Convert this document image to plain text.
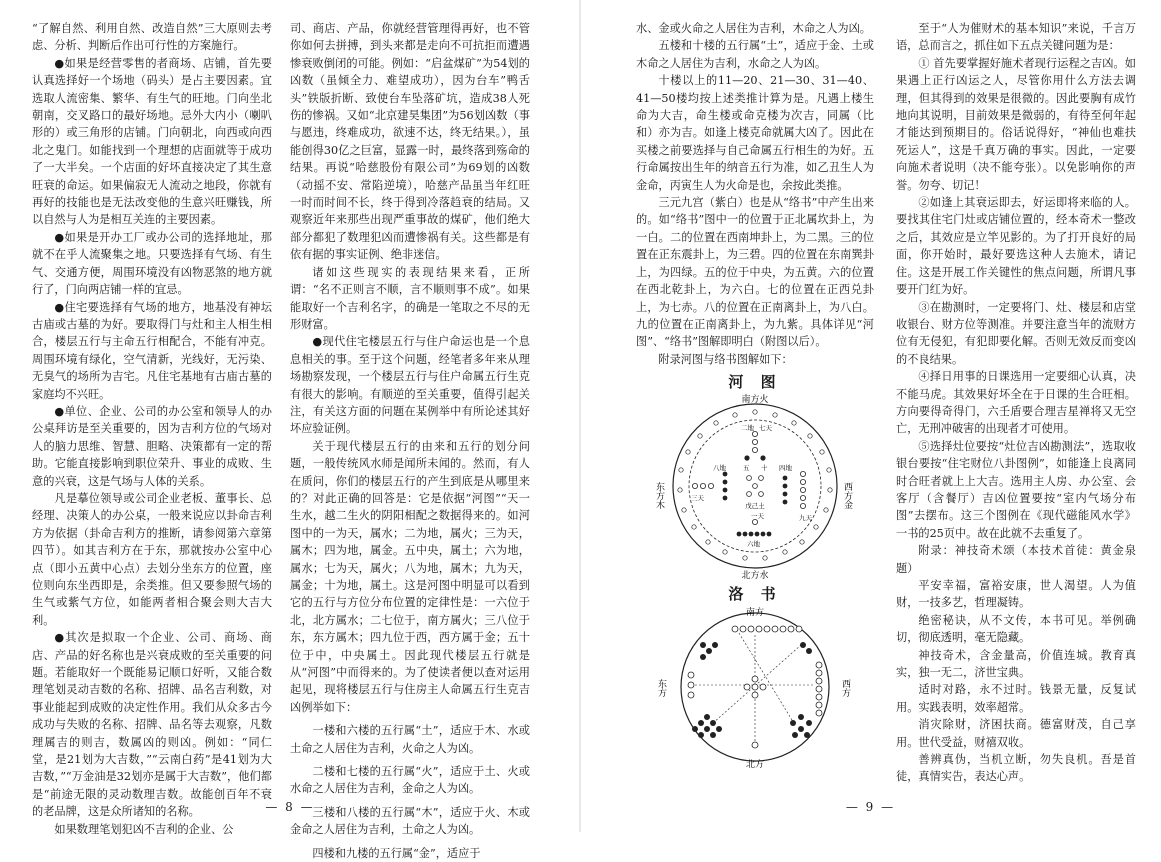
“了解自然、利用自然、改造自然”三大原则去考虑、分析、判断后作出可行性的方案施行。

●如果是经营零售的者商场、店铺，首先要认真选择好一个场地（码头）是占主要因素。宜选取人流密集、繁华、有生气的旺地。门向坐北朝南，交叉路口的最好场地。忌外大内小（喇叭形的）或三角形的店铺。门向朝北，向西或向西北之鬼门。如能找到一个理想的店面就等于成功了一大半矣。一个店面的好坏直接决定了其生意旺衰的命运。如果偏寂无人流动之地段，你就有再好的技能也是无法改变他的生意兴旺赚钱，所以自然与人为是相互关连的主要因素。

●如果是开办工厂或办公司的选择地址，那就不在乎人流聚集之地。只要选择有气场、有生气、交通方便，周围环境没有凶物恶煞的地方就行了，门向两店铺一样的宜忌。

●住宅要选择有气场的地方，地基没有神坛古庙或古墓的为好。要取得门与灶和主人相生相合，楼层五行与主命五行相配合，不能有冲克。周围环境有绿化，空气清新，光线好，无污染、无臭气的场所为吉宅。凡住宅基地有古庙古墓的家庭均不兴旺。

●单位、企业、公司的办公室和领导人的办公桌拜访是至关重要的，因为吉利方位的气场对人的脑力思维、智慧、胆略、决策都有一定的帮助。它能直接影响到职位荣升、事业的成败、生意的兴衰，这是气场与人体的关系。

凡是摹位领导或公司企业老板、董事长、总经理、决策人的办公桌，一般来说应以卦命吉利方为依据（卦命吉利方的推断，请参阅第六章第四节）。如其吉利方在于东，那就按办公室中心点（即小五黄中心点）去划分坐东方的位置，座位则向东坐西即是，余类推。但又要参照气场的生气或紫气方位，如能两者相合聚会则大吉大利。

●其次是拟取一个企业、公司、商场、商店、产品的好名称也是兴衰成败的至关重要的问题。若能取好一个既能易记顺口好听，又能合数理笔划灵动吉数的名称、招牌、品名吉利数，对事业能起到成败的决定性作用。我们从众多古今成功与失败的名称、招牌、品名等去观察，凡数理属吉的则吉，数属凶的则凶。例如：“同仁堂，是21划为大吉数，”“云南白药”是41划为大吉数，”“万金油是32划亦是属于大吉数”，他们都是“前途无限的灵动数理吉数。故能创百年不衰的老品牌，这是众所诸知的名称。

如果数理笔划犯凶不吉利的企业、公

司、商店、产品，你就经营管理得再好，也不管你如何去拼搏，到头来都是走向不可抗拒而遭遇惨衰败倒闭的可能。例如：“启盆煤矿”为54划的凶数（虽倾全力、难望成功），因为台车”鸭舌头”铁版折断、致使台车坠落矿坑，造成38人死伤的惨祸。又如“北京建昊集团”为56划凶数（事与愿违，终难成功，欲速不达，终无结果。），虽能创得30亿之巨富，显露一时，最终落到殇命的结果。再说“哈慈股份有限公司”为69划的凶数（动摇不安、常陷逆境），哈慈产品虽当年红旺一时而时间不长，终于得到冷落趋衰的结局。又观察近年来那些出现严重事故的煤矿，他们绝大部分都犯了数理犯凶而遭惨祸有关。这些都是有依有据的事实证例、绝非迷信。

诸如这些现实的表现结果来看，正所谓：“名不正则言不顺，言不顺则事不成”。如果能取好一个吉利名字，的确是一笔取之不尽的无形财富。

●现代住宅楼层五行与住户命运也是一个息息相关的事。至于这个问题，经笔者多年来从理场勘察发现，一个楼层五行与住户命属五行生克有很大的影响。有顺逆的至关重要，值得引起关注，有关这方面的问题在某例举中有所论述其好坏应验证例。

关于现代楼层五行的由来和五行的划分问题，一般传统风水师是闻所未闻的。然而，有人在质问，你们的楼层五行的产生到底是从哪里来的？对此正确的回答是：它是依据“河图”“天一生水，越二生火的阴阳相配之数据得来的。如河图中的一为天，属水；二为地，属火；三为天，属木；四为地，属金。五中央，属土；六为地，属水；七为天，属火；八为地，属木；九为天，属金；十为地，属土。这是河图中明显可以看到它的五行与方位分布位置的定律性是：一六位于北，北方属水；二七位于，南方属火；三八位于东，东方属木；四九位于西，西方属于金；五十位于中，中央属土。因此现代楼层五行就是从“河图”中而得来的。为了使读者便以查对运用起见，现将楼层五行与住房主人命属五行生克吉凶例举如下：

一楼和六楼的五行属“土”，适应于木、水或土命之人居住为吉利，火命之人为凶。

二楼和七楼的五行属“火”，适应于土、火或水命之人居住为吉利，金命之人为凶。

三楼和八楼的五行属“木”，适应于火、木或金命之人居住为吉利，土命之人为凶。

四楼和九楼的五行属“金”，适应于

— 8 —

水、金或火命之人居住为吉利，木命之人为凶。

五楼和十楼的五行属“土”，适应于金、土或木命之人居住为吉利，水命之人为凶。

十楼以上的11—20、21—30、31—40、41—50楼均按上述类推计算为是。凡遇上楼生命为大吉，命生楼或命克楼为次吉，同属（比和）亦为吉。如逢上楼克命就属大凶了。因此在买楼之前要选择与自己命属五行相生的为好。五行命属按出生年的纳音五行为准，如乙丑生人为金命，丙寅生人为火命是也，余按此类推。

三元九宫（紫白）也是从“络书”中产生出来的。如“络书”图中一的位置于正北属坎卦上，为一白。二的位置在西南坤卦上，为二黑。三的位置在正东震卦上，为三碧。四的位置在东南巽卦上，为四绿。五的位于中央，为五黄。六的位置在西北乾卦上，为六白。七的位置在正西兑卦上，为七赤。八的位置在正南离卦上，为八白。九的位置在正南离卦上，为九紫。具体详见“河图”、“络书”图解即明白（附图以后）。

附录河图与络书图解如下：

河 图
南方火
北方水
东方木	西方金
二地 七天
五 十
戊己土
一天
六地
三天
八地	四地
九天
洛 书
南方
北方
东方	西方

至于“人为催财术的基本知识”来说，千言万语，总而言之，抓住如下五点关键问题为是：

① 首先要掌握好施术者现行运程之吉凶。如果遇上正行凶运之人，尽管你用什么方法去调理，但其得到的效果是很微的。因此要胸有成竹地向其说明，目前效果是微弱的，有待至何年起才能达到预期目的。俗话说得好，“神仙也难扶死运人”，这是千真万确的事实。因此，一定要向施术者说明（决不能夸张）。以免影响你的声誉。勿夸、切记！

②如逢上其衰运即去，好运即将来临的人。要找其住宅门灶或店铺位置的，经本奇术一整改之后，其效应是立竿见影的。为了打开良好的局面，你开始时，最好要选这种人去施术，请记住。这是开展工作关键性的焦点问题，所谓凡事要开门红为好。

③在勘测时，一定要将门、灶、楼层和店堂收银台、财方位等测准。并要注意当年的流财方位有无侵犯，有犯即要化解。否则无效反而变凶的不良结果。

④择日用事的日课选用一定要细心认真，决不能马虎。其效果好坏全在于日课的生合旺相。方向要得奇得门，六壬盾要合理吉星禅将又无空亡，无刑冲破害的出现者才可使用。

⑤选择灶位要按“灶位吉凶勘测法”，选取收银台要按“住宅财位八卦图例”，如能逢上良离同时合旺者就上上大吉。选用主人房、办公室、会客厅（含餐厅）吉凶位置要按“室内气场分布图”去摆布。这三个图例在《现代磁能风水学》一书的25页中。故在此就不去重复了。

附录：神技奇术颂（本技术首徒：黄金泉题）

平安幸福，富裕安康，世人渴望。人为值财，一技多艺，哲理凝铸。

绝密秘诀，从不文传，本书可见。举例确切，彻底透明，毫无隐藏。

神技奇术，含金量高，价值连城。教育真实，独一无二，济世宝典。

适时对路，永不过时。钱景无量，反复试用。实践表明，效率超常。

消灾除财，济困扶商。德富财茂，自己享用。世代受益，财禧双收。

善辨真伪，当机立断，勿失良机。吾是首徒，真情实告，表达心声。

— 9 —
